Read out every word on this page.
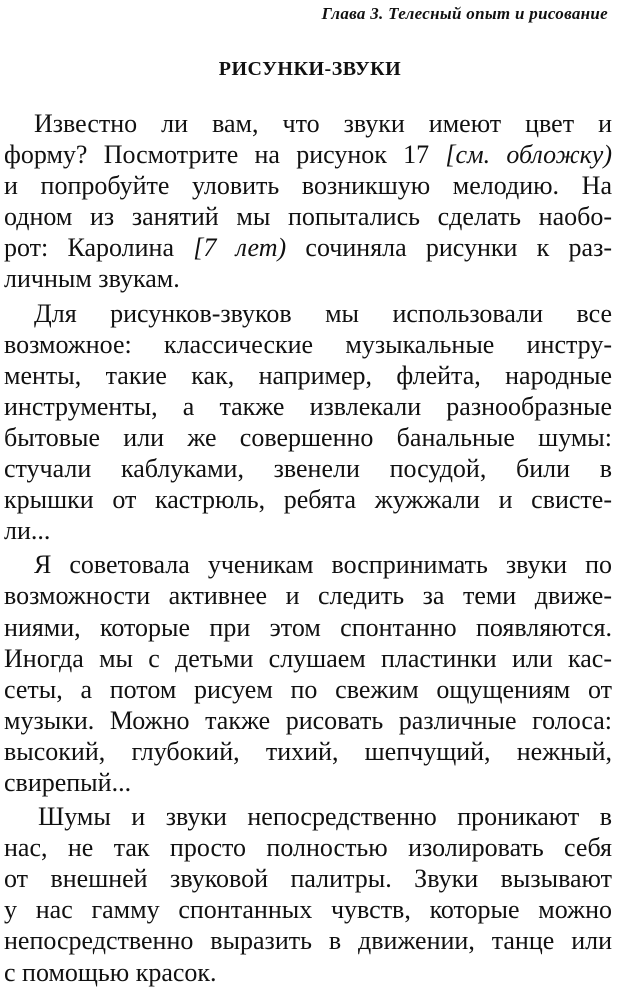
Глава 3. Телесный опыт и рисование
РИСУНКИ-ЗВУКИ
Известно ли вам, что звуки имеют цвет и
форму? Посмотрите на рисунок 17 [см. обложку)
и попробуйте уловить возникшую мелодию. На
одном из занятий мы попытались сделать наобо-
рот: Каролина [7 лет) сочиняла рисунки к раз-
личным звукам.
Для рисунков-звуков мы использовали все
возможное: классические музыкальные инстру-
менты, такие как, например, флейта, народные
инструменты, а также извлекали разнообразные
бытовые или же совершенно банальные шумы:
стучали каблуками, звенели посудой, били в
крышки от кастрюль, ребята жужжали и свисте-
ли...
Я советовала ученикам воспринимать звуки по
возможности активнее и следить за теми движе-
ниями, которые при этом спонтанно появляются.
Иногда мы с детьми слушаем пластинки или кас-
сеты, а потом рисуем по свежим ощущениям от
музыки. Можно также рисовать различные голоса:
высокий, глубокий, тихий, шепчущий, нежный,
свирепый...
Шумы и звуки непосредственно проникают в
нас, не так просто полностью изолировать себя
от внешней звуковой палитры. Звуки вызывают
у нас гамму спонтанных чувств, которые можно
непосредственно выразить в движении, танце или
с помощью красок.
